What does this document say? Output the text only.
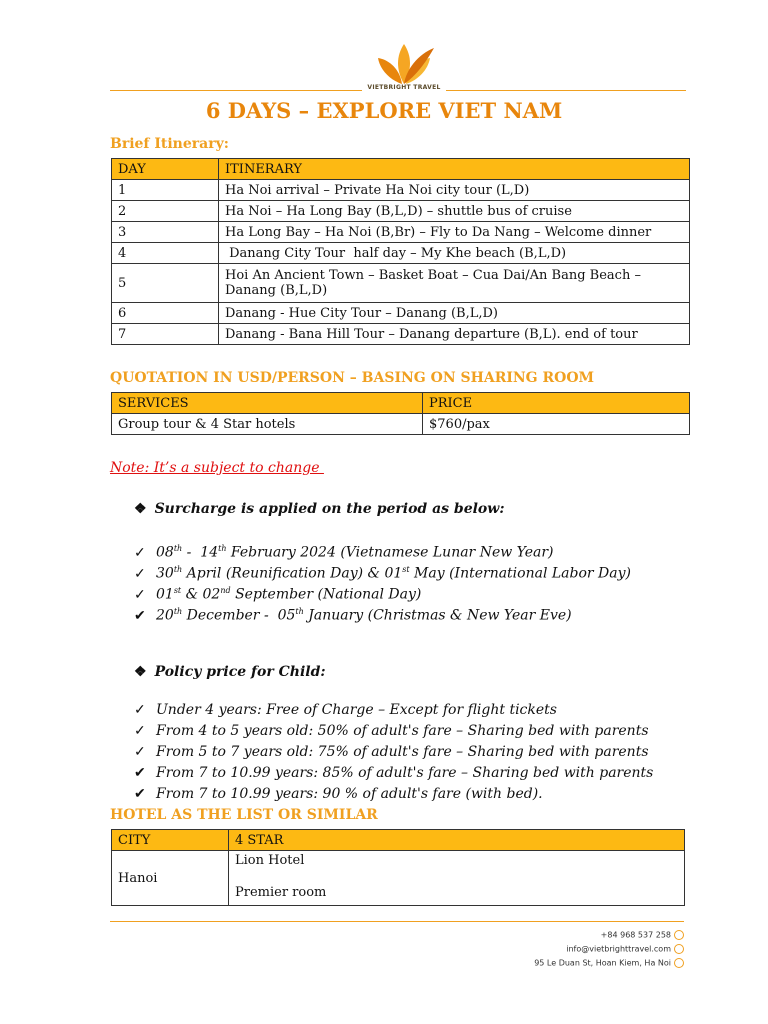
VIETBRIGHT TRAVEL
6 DAYS – EXPLORE VIET NAM
Brief Itinerary:
DAY	ITINERARY
1	Ha Noi arrival – Private Ha Noi city tour (L,D)
2	Ha Noi – Ha Long Bay (B,L,D) – shuttle bus of cruise
3	Ha Long Bay – Ha Noi (B,Br) – Fly to Da Nang – Welcome dinner
4	Danang City Tour  half day – My Khe beach (B,L,D)
5	Hoi An Ancient Town – Basket Boat – Cua Dai/An Bang Beach – Danang (B,L,D)
6	Danang - Hue City Tour – Danang (B,L,D)
7	Danang - Bana Hill Tour – Danang departure (B,L). end of tour
QUOTATION IN USD/PERSON – BASING ON SHARING ROOM
SERVICES	PRICE
Group tour & 4 Star hotels	$760/pax
Note: It’s a subject to change
❖ Surcharge is applied on the period as below:
✓ 08th -  14th February 2024 (Vietnamese Lunar New Year)
✓ 30th April (Reunification Day) & 01st May (International Labor Day)
✓ 01st & 02nd September (National Day)
✔ 20th December -  05th January (Christmas & New Year Eve)
❖ Policy price for Child:
✓ Under 4 years: Free of Charge – Except for flight tickets
✓ From 4 to 5 years old: 50% of adult's fare – Sharing bed with parents
✓ From 5 to 7 years old: 75% of adult's fare – Sharing bed with parents
✔ From 7 to 10.99 years: 85% of adult's fare – Sharing bed with parents
✔ From 7 to 10.99 years: 90 % of adult's fare (with bed).
HOTEL AS THE LIST OR SIMILAR
CITY	4 STAR
Hanoi	Lion Hotel
Premier room
+84 968 537 258
info@vietbrighttravel.com
95 Le Duan St, Hoan Kiem, Ha Noi
